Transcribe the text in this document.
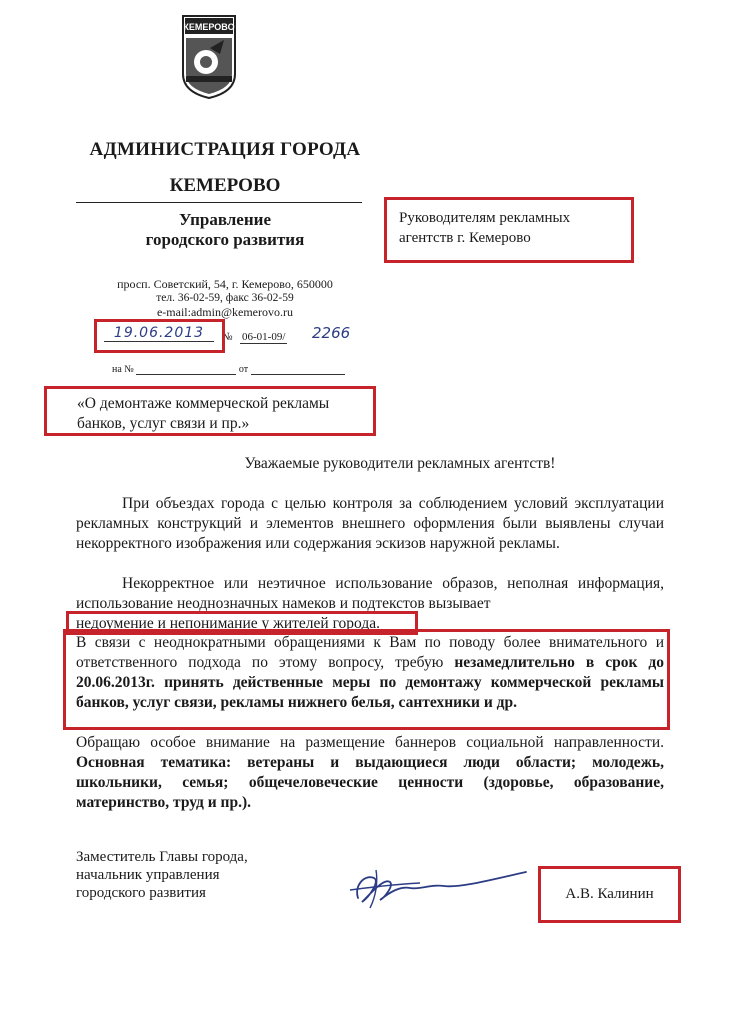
КЕМЕРОВО
АДМИНИСТРАЦИЯ ГОРОДА
КЕМЕРОВО
Управление
городского развития
просп. Советский, 54, г. Кемерово, 650000
тел. 36-02-59, факс 36-02-59
e-mail:admin@kemerovo.ru
19.06.2013	№ 06-01-09/ 2266
на №	от
Руководителям рекламных агентств г. Кемерово
«О демонтаже коммерческой рекламы банков, услуг связи и пр.»
Уважаемые руководители рекламных агентств!
При объездах города с целью контроля за соблюдением условий эксплуатации рекламных конструкций и элементов внешнего оформления были выявлены случаи некорректного изображения или содержания эскизов наружной рекламы.
Некорректное или неэтичное использование образов, неполная информация, использование неоднозначных намеков и подтекстов вызывает
недоумение и непонимание у жителей города.
В связи с неоднократными обращениями к Вам по поводу более внимательного и ответственного подхода по этому вопросу, требую незамедлительно в срок до 20.06.2013г. принять действенные меры по демонтажу коммерческой рекламы банков, услуг связи, рекламы нижнего белья, сантехники и др.
Обращаю особое внимание на размещение баннеров социальной направленности. Основная тематика: ветераны и выдающиеся люди области; молодежь, школьники, семья; общечеловеческие ценности (здоровье, образование, материнство, труд и пр.).
Заместитель Главы города,
начальник управления
городского развития	А.В. Калинин
